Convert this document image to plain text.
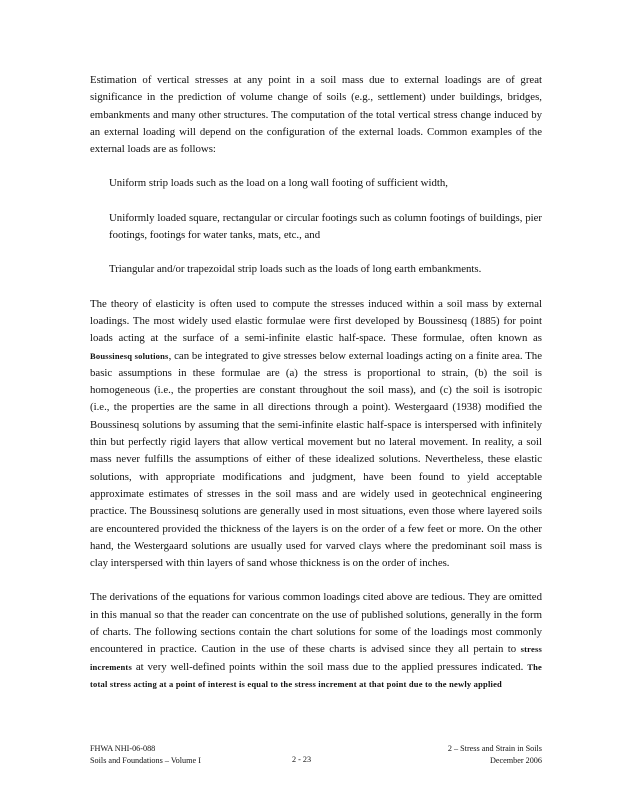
Estimation of vertical stresses at any point in a soil mass due to external loadings are of great significance in the prediction of volume change of soils (e.g., settlement) under buildings, bridges, embankments and many other structures. The computation of the total vertical stress change induced by an external loading will depend on the configuration of the external loads. Common examples of the external loads are as follows:

Uniform strip loads such as the load on a long wall footing of sufficient width,

Uniformly loaded square, rectangular or circular footings such as column footings of buildings, pier footings, footings for water tanks, mats, etc., and

Triangular and/or trapezoidal strip loads such as the loads of long earth embankments.

The theory of elasticity is often used to compute the stresses induced within a soil mass by external loadings. The most widely used elastic formulae were first developed by Boussinesq (1885) for point loads acting at the surface of a semi-infinite elastic half-space. These formulae, often known as Boussinesq solutions, can be integrated to give stresses below external loadings acting on a finite area. The basic assumptions in these formulae are (a) the stress is proportional to strain, (b) the soil is homogeneous (i.e., the properties are constant throughout the soil mass), and (c) the soil is isotropic (i.e., the properties are the same in all directions through a point). Westergaard (1938) modified the Boussinesq solutions by assuming that the semi-infinite elastic half-space is interspersed with infinitely thin but perfectly rigid layers that allow vertical movement but no lateral movement. In reality, a soil mass never fulfills the assumptions of either of these idealized solutions. Nevertheless, these elastic solutions, with appropriate modifications and judgment, have been found to yield acceptable approximate estimates of stresses in the soil mass and are widely used in geotechnical engineering practice. The Boussinesq solutions are generally used in most situations, even those where layered soils are encountered provided the thickness of the layers is on the order of a few feet or more. On the other hand, the Westergaard solutions are usually used for varved clays where the predominant soil mass is clay interspersed with thin layers of sand whose thickness is on the order of inches.

The derivations of the equations for various common loadings cited above are tedious. They are omitted in this manual so that the reader can concentrate on the use of published solutions, generally in the form of charts. The following sections contain the chart solutions for some of the loadings most commonly encountered in practice. Caution in the use of these charts is advised since they all pertain to stress increments at very well-defined points within the soil mass due to the applied pressures indicated. The total stress acting at a point of interest is equal to the stress increment at that point due to the newly applied

FHWA NHI-06-088
Soils and Foundations – Volume I	2 - 23
2 – Stress and Strain in Soils
December 2006
